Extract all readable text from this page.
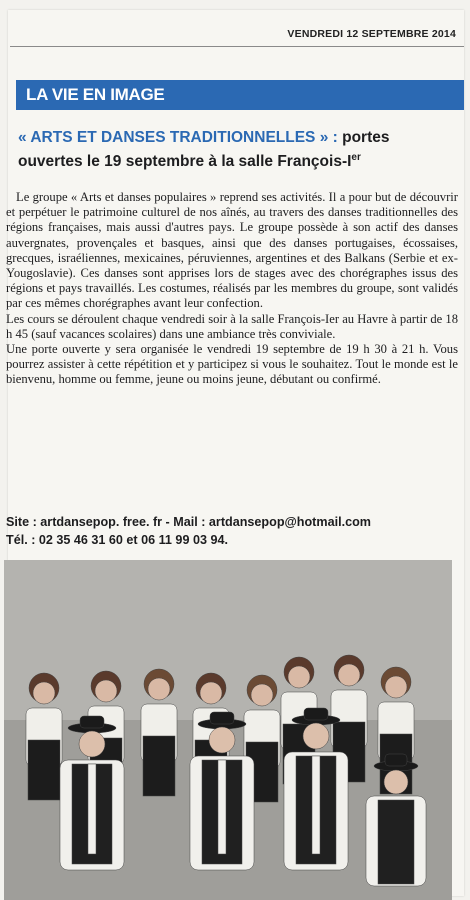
VENDREDI 12 SEPTEMBRE 2014
LA VIE EN IMAGE
« ARTS ET DANSES TRADITIONNELLES » : portes ouvertes le 19 septembre à la salle François-Ier

Le groupe « Arts et danses populaires » reprend ses activités. Il a pour but de découvrir et perpétuer le patrimoine culturel de nos aînés, au travers des danses traditionnelles des régions françaises, mais aussi d'autres pays. Le groupe possède à son actif des danses auvergnates, provençales et basques, ainsi que des danses portugaises, écossaises, grecques, israéliennes, mexicaines, péruviennes, argentines et des Balkans (Serbie et ex-Yougoslavie). Ces danses sont apprises lors de stages avec des chorégraphes issus des régions et pays travaillés. Les costumes, réalisés par les membres du groupe, sont validés par ces mêmes chorégraphes avant leur confection.

Les cours se déroulent chaque vendredi soir à la salle François-Ier au Havre à partir de 18 h 45 (sauf vacances scolaires) dans une ambiance très conviviale.

Une porte ouverte y sera organisée le vendredi 19 septembre de 19 h 30 à 21 h. Vous pourrez assister à cette répétition et y participez si vous le souhaitez. Tout le monde est le bienvenu, homme ou femme, jeune ou moins jeune, débutant ou confirmé.

Site : artdansepop. free. fr - Mail : artdansepop@hotmail.com
Tél. : 02 35 46 31 60 et 06 11 99 03 94.
